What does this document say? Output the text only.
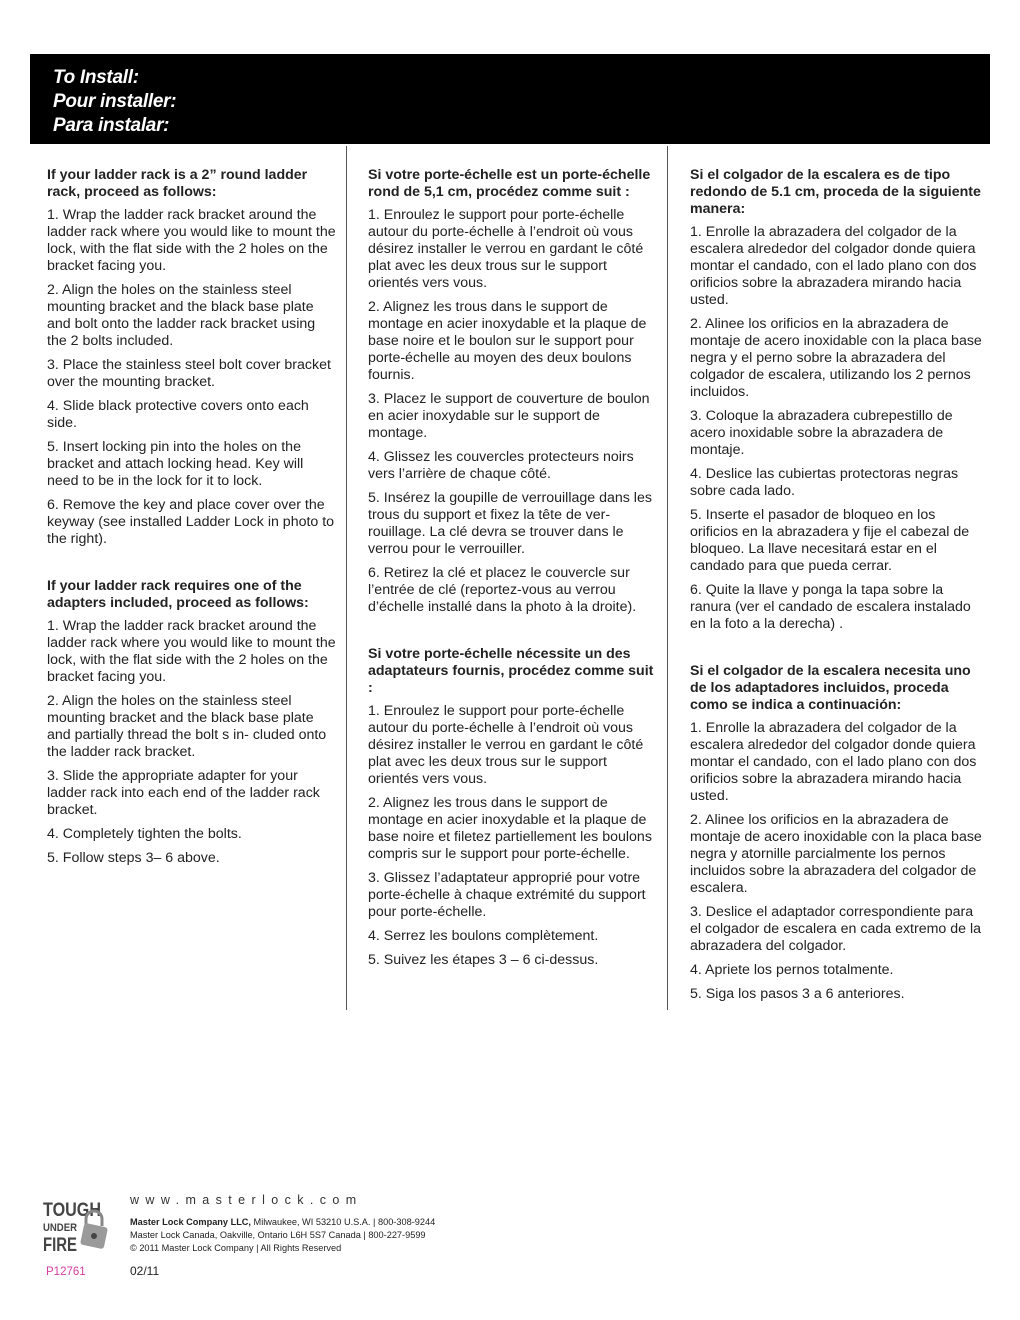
To Install:
Pour installer:
Para instalar:
If your ladder rack is a 2” round ladder rack, proceed as follows:
1. Wrap the ladder rack bracket around the ladder rack where you would like to mount the lock, with the flat side with the 2 holes on the bracket facing you.
2. Align the holes on the stainless steel mounting bracket and the black base plate and bolt onto the ladder rack bracket using the 2 bolts included.
3. Place the stainless steel bolt cover bracket over the mounting bracket.
4. Slide black protective covers onto each side.
5. Insert locking pin into the holes on the bracket and attach locking head. Key will need to be in the lock for it to lock.
6. Remove the key and place cover over the keyway (see installed Ladder Lock in photo to the right).
If your ladder rack requires one of the adapters included, proceed as follows:
1. Wrap the ladder rack bracket around the ladder rack where you would like to mount the lock, with the flat side with the 2 holes on the bracket facing you.
2. Align the holes on the stainless steel mounting bracket and the black base plate and partially thread the bolt s in- cluded onto the ladder rack bracket.
3. Slide the appropriate adapter for your ladder rack into each end of the ladder rack bracket.
4. Completely tighten the bolts.
5. Follow steps 3– 6 above.
Si votre porte-échelle est un porte-échelle rond de 5,1 cm, procédez comme suit :
1. Enroulez le support pour porte-échelle autour du porte-échelle à l’endroit où vous désirez installer le verrou en gardant le côté plat avec les deux trous sur le support orientés vers vous.
2. Alignez les trous dans le support de montage en acier inoxydable et la plaque de base noire et le boulon sur le support pour porte-échelle au moyen des deux boulons fournis.
3. Placez le support de couverture de boulon en acier inoxydable sur le support de montage.
4. Glissez les couvercles protecteurs noirs vers l’arrière de chaque côté.
5. Insérez la goupille de verrouillage dans les trous du support et fixez la tête de ver- rouillage. La clé devra se trouver dans le verrou pour le verrouiller.
6. Retirez la clé et placez le couvercle sur l’entrée de clé (reportez-vous au verrou d’échelle installé dans la photo à la droite).
Si votre porte-échelle nécessite un des adaptateurs fournis, procédez comme suit :
1. Enroulez le support pour porte-échelle autour du porte-échelle à l’endroit où vous désirez installer le verrou en gardant le côté plat avec les deux trous sur le support orientés vers vous.
2. Alignez les trous dans le support de montage en acier inoxydable et la plaque de base noire et filetez partiellement les boulons compris sur le support pour porte-échelle.
3. Glissez l’adaptateur approprié pour votre porte-échelle à chaque extrémité du support pour porte-échelle.
4. Serrez les boulons complètement.
5. Suivez les étapes 3 – 6 ci-dessus.
Si el colgador de la escalera es de tipo redondo de 5.1 cm, proceda de la siguiente manera:
1. Enrolle la abrazadera del colgador de la escalera alrededor del colgador donde quiera montar el candado, con el lado plano con dos orificios sobre la abrazadera mirando hacia usted.
2. Alinee los orificios en la abrazadera de montaje de acero inoxidable con la placa base negra y el perno sobre la abrazadera del colgador de escalera, utilizando los 2 pernos incluidos.
3. Coloque la abrazadera cubrepestillo de acero inoxidable sobre la abrazadera de montaje.
4. Deslice las cubiertas protectoras negras sobre cada lado.
5. Inserte el pasador de bloqueo en los orificios en la abrazadera y fije el cabezal de bloqueo. La llave necesitará estar en el candado para que pueda cerrar.
6. Quite la llave y ponga la tapa sobre la ranura (ver el candado de escalera instalado en la foto a la derecha) .
Si el colgador de la escalera necesita uno de los adaptadores incluidos, proceda como se indica a continuación:
1. Enrolle la abrazadera del colgador de la escalera alrededor del colgador donde quiera montar el candado, con el lado plano con dos orificios sobre la abrazadera mirando hacia usted.
2. Alinee los orificios en la abrazadera de montaje de acero inoxidable con la placa base negra y atornille parcialmente los pernos incluidos sobre la abrazadera del colgador de escalera.
3. Deslice el adaptador correspondiente para el colgador de escalera en cada extremo de la abrazadera del colgador.
4. Apriete los pernos totalmente.
5. Siga los pasos 3 a 6 anteriores.
TOUGH
UNDER
FIRE
P12761
www.masterlock.com
Master Lock Company LLC, Milwaukee, WI 53210 U.S.A. | 800-308-9244
Master Lock Canada, Oakville, Ontario L6H 5S7 Canada | 800-227-9599
© 2011 Master Lock Company | All Rights Reserved
02/11
